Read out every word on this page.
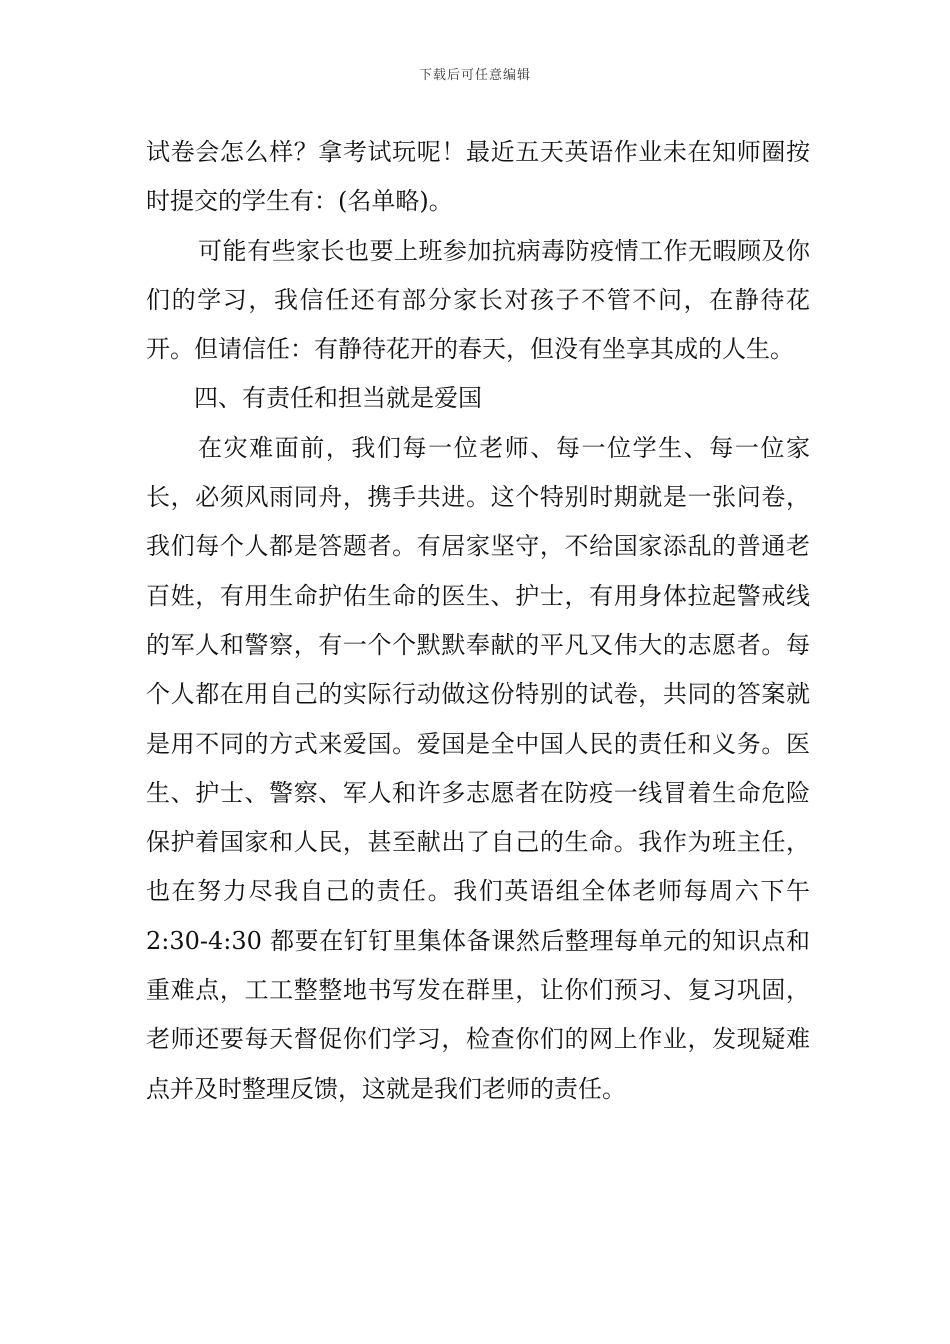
下载后可任意编辑

试卷会怎么样？拿考试玩呢！最近五天英语作业未在知师圈按时提交的学生有：(名单略)。

可能有些家长也要上班参加抗病毒防疫情工作无暇顾及你们的学习，我信任还有部分家长对孩子不管不问，在静待花开。但请信任：有静待花开的春天，但没有坐享其成的人生。

四、有责任和担当就是爱国

在灾难面前，我们每一位老师、每一位学生、每一位家长，必须风雨同舟，携手共进。这个特别时期就是一张问卷，我们每个人都是答题者。有居家坚守，不给国家添乱的普通老百姓，有用生命护佑生命的医生、护士，有用身体拉起警戒线的军人和警察，有一个个默默奉献的平凡又伟大的志愿者。每个人都在用自己的实际行动做这份特别的试卷，共同的答案就是用不同的方式来爱国。爱国是全中国人民的责任和义务。医生、护士、警察、军人和许多志愿者在防疫一线冒着生命危险保护着国家和人民，甚至献出了自己的生命。我作为班主任，也在努力尽我自己的责任。我们英语组全体老师每周六下午 2:30-4:30 都要在钉钉里集体备课然后整理每单元的知识点和重难点，工工整整地书写发在群里，让你们预习、复习巩固，老师还要每天督促你们学习，检查你们的网上作业，发现疑难点并及时整理反馈，这就是我们老师的责任。
